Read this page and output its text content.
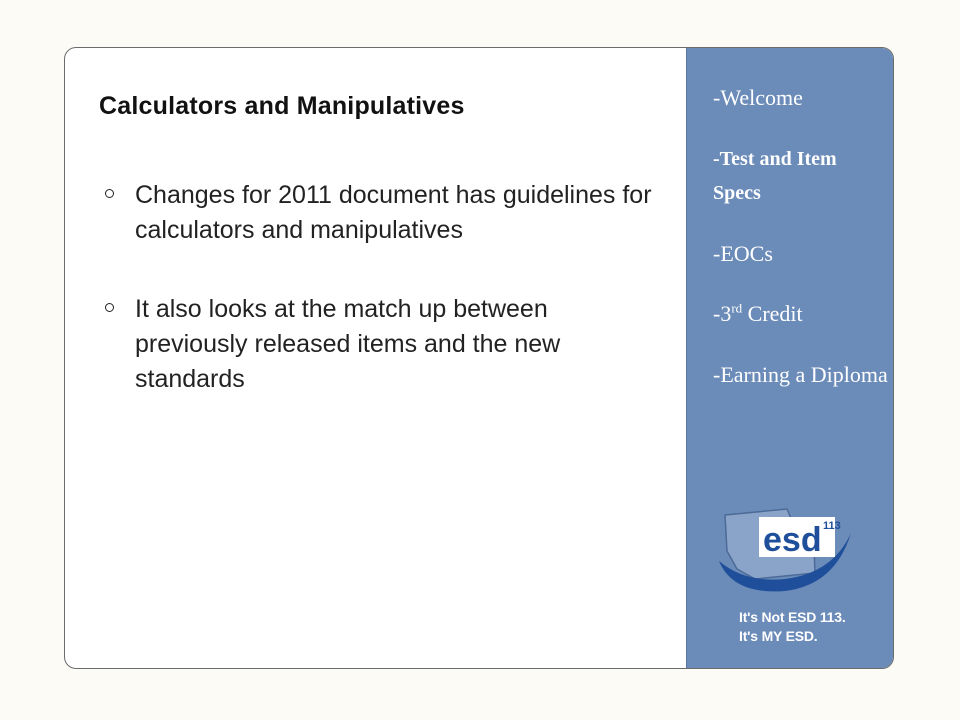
Calculators and Manipulatives
Changes for 2011 document has guidelines for calculators and manipulatives
It also looks at the match up between previously released items and the new standards
-Welcome
-Test and Item Specs
-EOCs
-3rd Credit
-Earning a Diploma
esd 113
It's Not ESD 113.
It's MY ESD.
